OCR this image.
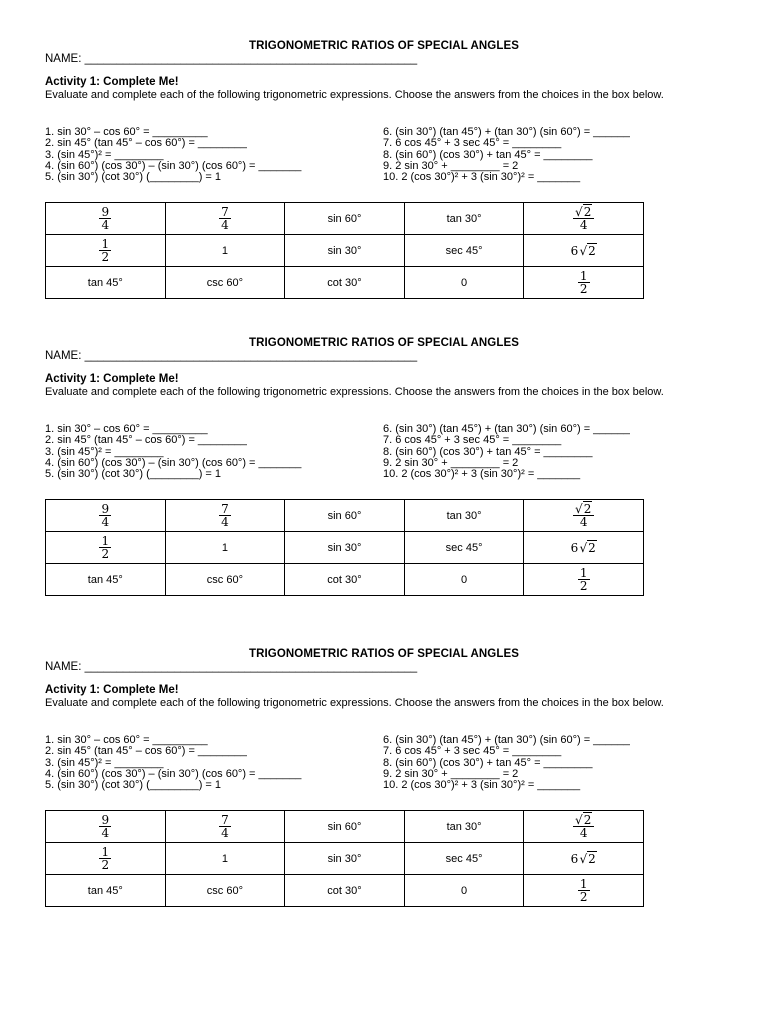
TRIGONOMETRIC RATIOS OF SPECIAL ANGLES
NAME: ____________________________________________________
Activity 1: Complete Me!
Evaluate and complete each of the following trigonometric expressions. Choose the answers from the choices in the box below.
1. sin 30° – cos 60° = _________
2. sin 45° (tan 45° – cos 60°) = ________
3. (sin 45°)² = ________
4. (sin 60°) (cos 30°) – (sin 30°) (cos 60°) = _______
5. (sin 30°) (cot 30°) (________) = 1
6. (sin 30°) (tan 45°) + (tan 30°) (sin 60°) = ______
7. 6 cos 45° + 3 sec 45° = ________
8. (sin 60°) (cos 30°) + tan 45° = ________
9. 2 sin 30° + ________ = 2
10. 2 (cos 30°)² + 3 (sin 30°)² = _______
$\frac{9}{4}$	$\frac{7}{4}$	sin 60°	tan 30°	$\frac{√2}{4}$

$\frac{1}{2}$	1	sin 30°	sec 45°	6 √2
tan 45°	csc 60°	cot 30°	0	$\frac{1}{2}$
TRIGONOMETRIC RATIOS OF SPECIAL ANGLES
NAME: ____________________________________________________
Activity 1: Complete Me!
Evaluate and complete each of the following trigonometric expressions. Choose the answers from the choices in the box below.
1. sin 30° – cos 60° = _________
2. sin 45° (tan 45° – cos 60°) = ________
3. (sin 45°)² = ________
4. (sin 60°) (cos 30°) – (sin 30°) (cos 60°) = _______
5. (sin 30°) (cot 30°) (________) = 1
6. (sin 30°) (tan 45°) + (tan 30°) (sin 60°) = ______
7. 6 cos 45° + 3 sec 45° = ________
8. (sin 60°) (cos 30°) + tan 45° = ________
9. 2 sin 30° + ________ = 2
10. 2 (cos 30°)² + 3 (sin 30°)² = _______
$\frac{9}{4}$	$\frac{7}{4}$	sin 60°	tan 30°	$\frac{√2}{4}$

$\frac{1}{2}$	1	sin 30°	sec 45°	6 √2
tan 45°	csc 60°	cot 30°	0	$\frac{1}{2}$
TRIGONOMETRIC RATIOS OF SPECIAL ANGLES
NAME: ____________________________________________________
Activity 1: Complete Me!
Evaluate and complete each of the following trigonometric expressions. Choose the answers from the choices in the box below.
1. sin 30° – cos 60° = _________
2. sin 45° (tan 45° – cos 60°) = ________
3. (sin 45°)² = ________
4. (sin 60°) (cos 30°) – (sin 30°) (cos 60°) = _______
5. (sin 30°) (cot 30°) (________) = 1
6. (sin 30°) (tan 45°) + (tan 30°) (sin 60°) = ______
7. 6 cos 45° + 3 sec 45° = ________
8. (sin 60°) (cos 30°) + tan 45° = ________
9. 2 sin 30° + ________ = 2
10. 2 (cos 30°)² + 3 (sin 30°)² = _______
$\frac{9}{4}$	$\frac{7}{4}$	sin 60°	tan 30°	$\frac{√2}{4}$

$\frac{1}{2}$	1	sin 30°	sec 45°	6 √2
tan 45°	csc 60°	cot 30°	0	$\frac{1}{2}$
